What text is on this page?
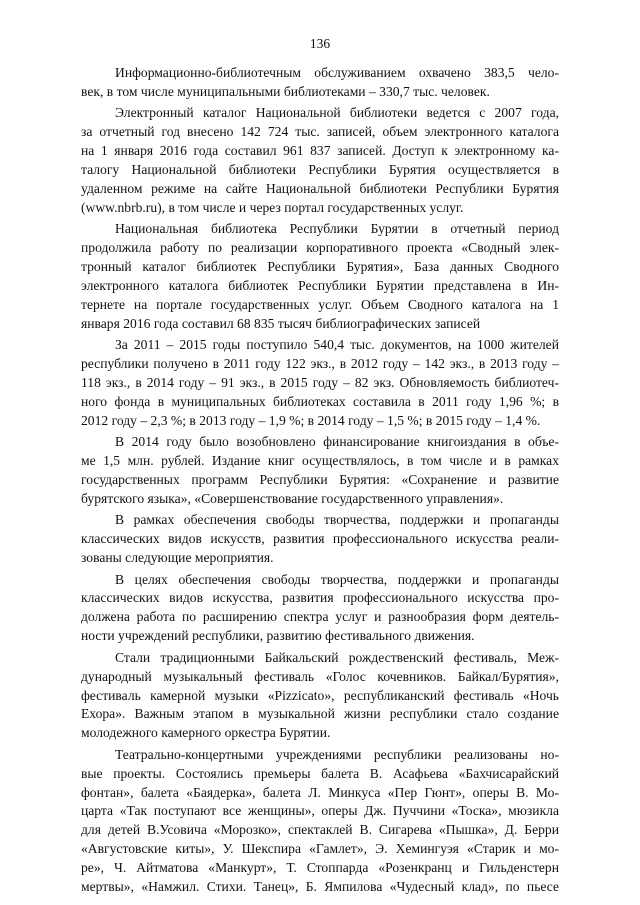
136
Информационно-библиотечным обслуживанием охвачено 383,5 чело-
век, в том числе муниципальными библиотеками – 330,7 тыс. человек.
Электронный каталог Национальной библиотеки ведется с 2007 года,
за отчетный год внесено 142 724 тыс. записей, объем электронного каталога
на 1 января 2016 года составил 961 837 записей. Доступ к электронному ка-
талогу Национальной библиотеки Республики Бурятия осуществляется в
удаленном режиме на сайте Национальной библиотеки Республики Бурятия
(www.nbrb.ru), в том числе и через портал государственных услуг.
Национальная библиотека Республики Бурятии в отчетный период
продолжила работу по реализации корпоративного проекта «Сводный элек-
тронный каталог библиотек Республики Бурятия», База данных Сводного
электронного каталога библиотек Республики Бурятии представлена в Ин-
тернете на портале государственных услуг. Объем Сводного каталога на 1
января 2016 года составил 68 835 тысяч библиографических записей
За 2011 – 2015 годы поступило 540,4 тыс. документов, на 1000 жителей
республики получено в 2011 году 122 экз., в 2012 году – 142 экз., в 2013 году –
118 экз., в 2014 году – 91 экз., в 2015 году – 82 экз. Обновляемость библиотеч-
ного фонда в муниципальных библиотеках составила в 2011 году 1,96 %; в
2012 году – 2,3 %; в 2013 году – 1,9 %; в 2014 году – 1,5 %; в 2015 году – 1,4 %.
В 2014 году было возобновлено финансирование книгоиздания в объе-
ме 1,5 млн. рублей. Издание книг осуществлялось, в том числе и в рамках
государственных программ Республики Бурятия: «Сохранение и развитие
бурятского языка», «Совершенствование государственного управления».
В рамках обеспечения свободы творчества, поддержки и пропаганды
классических видов искусств, развития профессионального искусства реали-
зованы следующие мероприятия.
В целях обеспечения свободы творчества, поддержки и пропаганды
классических видов искусства, развития профессионального искусства про-
должена работа по расширению спектра услуг и разнообразия форм деятель-
ности учреждений республики, развитию фестивального движения.
Стали традиционными Байкальский рождественский фестиваль, Меж-
дународный музыкальный фестиваль «Голос кочевников. Байкал/Бурятия»,
фестиваль камерной музыки «Pizzicato», республиканский фестиваль «Ночь
Ехора». Важным этапом в музыкальной жизни республики стало создание
молодежного камерного оркестра Бурятии.
Театрально-концертными учреждениями республики реализованы но-
вые проекты. Состоялись премьеры балета В. Асафьева «Бахчисарайский
фонтан», балета «Баядерка», балета Л. Минкуса «Пер Гюнт», оперы В. Мо-
царта «Так поступают все женщины», оперы Дж. Пуччини «Тоска», мюзикла
для детей В.Усовича «Морозко», спектаклей В. Сигарева «Пышка», Д. Берри
«Августовские киты», У. Шекспира «Гамлет», Э. Хемингуэя «Старик и мо-
ре», Ч. Айтматова «Манкурт», Т. Стоппарда «Розенкранц и Гильденстерн
мертвы», «Намжил. Стихи. Танец», Б. Ямпилова «Чудесный клад», по пьесе
